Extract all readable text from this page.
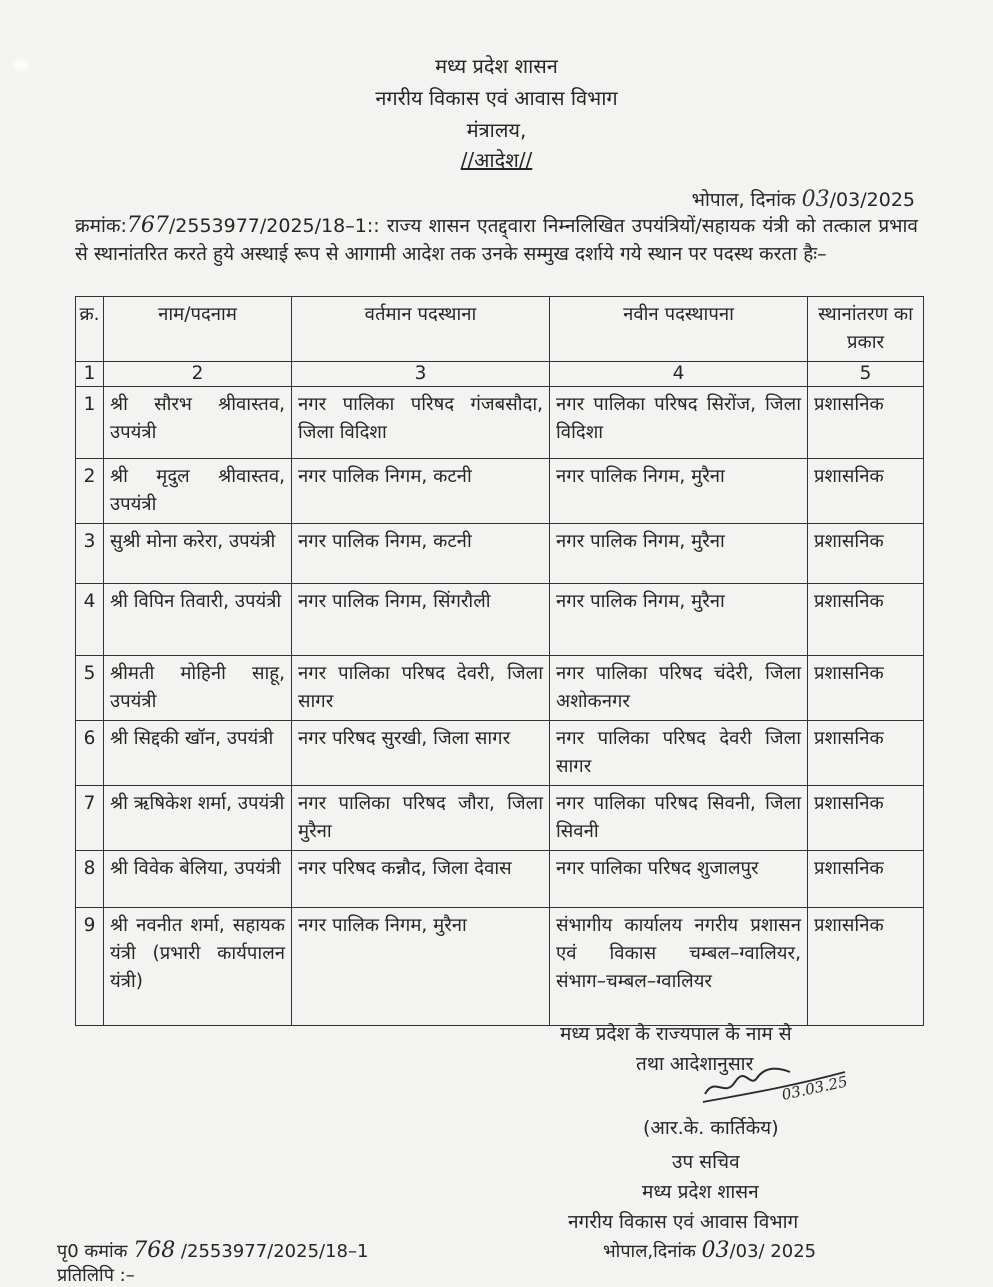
मध्य प्रदेश शासन
नगरीय विकास एवं आवास विभाग
मंत्रालय,
//आदेश//
भोपाल, दिनांक 03/03/2025
क्रमांक:767/2553977/2025/18–1:: राज्य शासन एतद्द्वारा निम्नलिखित उपयंत्रियों/सहायक यंत्री को तत्काल प्रभाव से स्थानांतरित करते हुये अस्थाई रूप से आगामी आदेश तक उनके सम्मुख दर्शाये गये स्थान पर पदस्थ करता हैः–
क्र.	नाम/पदनाम	वर्तमान पदस्थाना	नवीन पदस्थापना	स्थानांतरण का प्रकार
1	2	3	4	5
1	श्री सौरभ श्रीवास्तव, उपयंत्री	नगर पालिका परिषद गंजबसौदा, जिला विदिशा	नगर पालिका परिषद सिरोंज, जिला विदिशा	प्रशासनिक
2	श्री मृदुल श्रीवास्तव, उपयंत्री	नगर पालिक निगम, कटनी	नगर पालिक निगम, मुरैना	प्रशासनिक
3	सुश्री मोना करेरा, उपयंत्री	नगर पालिक निगम, कटनी	नगर पालिक निगम, मुरैना	प्रशासनिक
4	श्री विपिन तिवारी, उपयंत्री	नगर पालिक निगम, सिंगरौली	नगर पालिक निगम, मुरैना	प्रशासनिक
5	श्रीमती मोहिनी साहू, उपयंत्री	नगर पालिका परिषद देवरी, जिला सागर	नगर पालिका परिषद चंदेरी, जिला अशोकनगर	प्रशासनिक
6	श्री सिद्दकी खॉन, उपयंत्री	नगर परिषद सुरखी, जिला सागर	नगर पालिका परिषद देवरी जिला सागर	प्रशासनिक
7	श्री ऋषिकेश शर्मा, उपयंत्री	नगर पालिका परिषद जौरा, जिला मुरैना	नगर पालिका परिषद सिवनी, जिला सिवनी	प्रशासनिक
8	श्री विवेक बेलिया, उपयंत्री	नगर परिषद कन्नौद, जिला देवास	नगर पालिका परिषद शुजालपुर	प्रशासनिक
9	श्री नवनीत शर्मा, सहायक यंत्री (प्रभारी कार्यपालन यंत्री)	नगर पालिक निगम, मुरैना	संभागीय कार्यालय नगरीय प्रशासन एवं विकास चम्बल–ग्वालियर, संभाग–चम्बल–ग्वालियर	प्रशासनिक
मध्य प्रदेश के राज्यपाल के नाम से
तथा आदेशानुसार
03.03.25
(आर.के. कार्तिकेय)
उप सचिव
मध्य प्रदेश शासन
नगरीय विकास एवं आवास विभाग
पृ0 कमांक 768 /2553977/2025/18–1	भोपाल,दिनांक 03/03/ 2025
प्रतिलिपि :–
